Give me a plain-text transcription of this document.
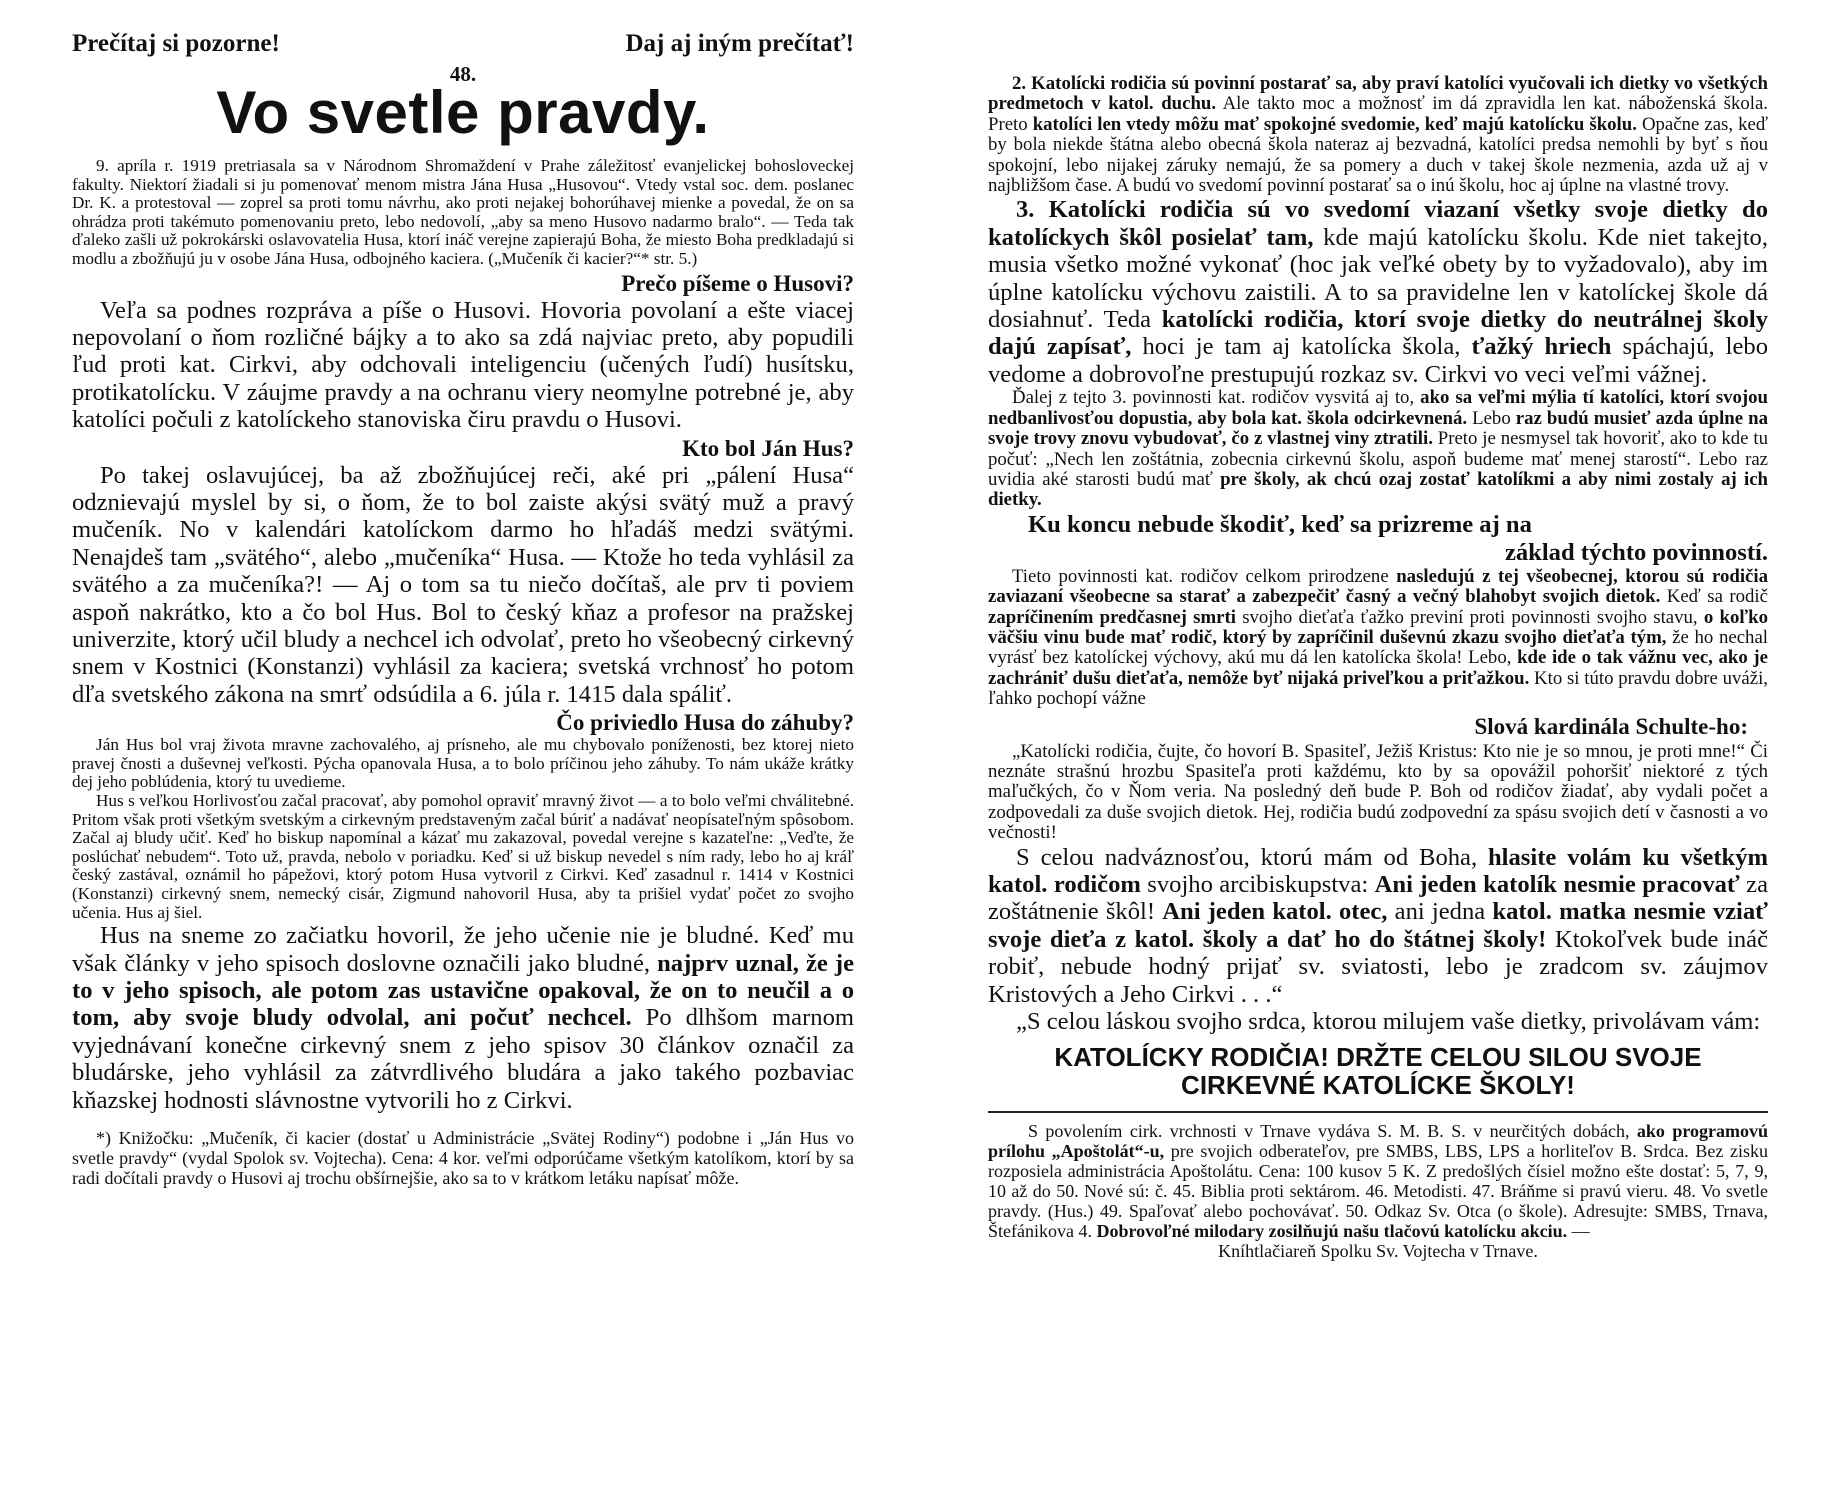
Prečítaj si pozorne!	Daj aj iným prečítať!
48.
Vo svetle pravdy.

9. apríla r. 1919 pretriasala sa v Národnom Shromaždení v Prahe záležitosť evanjelickej bohosloveckej fakulty. Niektorí žiadali si ju pomenovať menom mistra Jána Husa „Husovou“. Vtedy vstal soc. dem. poslanec Dr. K. a protestoval — zoprel sa proti tomu návrhu, ako proti nejakej bohorúhavej mienke a povedal, že on sa ohrádza proti takémuto pomenovaniu preto, lebo nedovolí, „aby sa meno Husovo nadarmo bralo“. — Teda tak ďaleko zašli už pokrokárski oslavovatelia Husa, ktorí ináč verejne zapierajú Boha, že miesto Boha predkladajú si modlu a zbožňujú ju v osobe Jána Husa, odbojného kaciera. („Mučeník či kacier?“* str. 5.)

Prečo píšeme o Husovi?

Veľa sa podnes rozpráva a píše o Husovi. Hovoria povolaní a ešte viacej nepovolaní o ňom rozličné bájky a to ako sa zdá najviac preto, aby popudili ľud proti kat. Cirkvi, aby odchovali inteligenciu (učených ľudí) husítsku, protikatolícku. V záujme pravdy a na ochranu viery neomylne potrebné je, aby katolíci počuli z katolíckeho stanoviska čiru pravdu o Husovi.

Kto bol Ján Hus?

Po takej oslavujúcej, ba až zbožňujúcej reči, aké pri „pálení Husa“ odznievajú myslel by si, o ňom, že to bol zaiste akýsi svätý muž a pravý mučeník. No v kalendári katolíckom darmo ho hľadáš medzi svätými. Nenajdeš tam „svätého“, alebo „mučeníka“ Husa. — Ktože ho teda vyhlásil za svätého a za mučeníka?! — Aj o tom sa tu niečo dočítaš, ale prv ti poviem aspoň nakrátko, kto a čo bol Hus. Bol to český kňaz a profesor na pražskej univerzite, ktorý učil bludy a nechcel ich odvolať, preto ho všeobecný cirkevný snem v Kostnici (Konstanzi) vyhlásil za kaciera; svetská vrchnosť ho potom dľa svetského zákona na smrť odsúdila a 6. júla r. 1415 dala spáliť.

Čo priviedlo Husa do záhuby?

Ján Hus bol vraj života mravne zachovalého, aj prísneho, ale mu chybovalo poníženosti, bez ktorej nieto pravej čnosti a duševnej veľkosti. Pýcha opanovala Husa, a to bolo príčinou jeho záhuby. To nám ukáže krátky dej jeho poblúdenia, ktorý tu uvedieme.

Hus s veľkou Horlivosťou začal pracovať, aby pomohol opraviť mravný život — a to bolo veľmi chválitebné. Pritom však proti všetkým svetským a cirkevným predstaveným začal búriť a nadávať neopísateľným spôsobom. Začal aj bludy učiť. Keď ho biskup napomínal a kázať mu zakazoval, povedal verejne s kazateľne: „Veďte, že poslúchať nebudem“. Toto už, pravda, nebolo v poriadku. Keď si už biskup nevedel s ním rady, lebo ho aj kráľ český zastával, oznámil ho pápežovi, ktorý potom Husa vytvoril z Cirkvi. Keď zasadnul r. 1414 v Kostnici (Konstanzi) cirkevný snem, nemecký cisár, Zigmund nahovoril Husa, aby ta prišiel vydať počet zo svojho učenia. Hus aj šiel.

Hus na sneme zo začiatku hovoril, že jeho učenie nie je bludné. Keď mu však články v jeho spisoch doslovne označili jako bludné, najprv uznal, že je to v jeho spisoch, ale potom zas ustavične opakoval, že on to neučil a o tom, aby svoje bludy odvolal, ani počuť nechcel. Po dlhšom marnom vyjednávaní konečne cirkevný snem z jeho spisov 30 článkov označil za bludárske, jeho vyhlásil za zátvrdlivého bludára a jako takého pozbaviac kňazskej hodnosti slávnostne vytvorili ho z Cirkvi.

*) Knižočku: „Mučeník, či kacier (dostať u Administrácie „Svätej Rodiny“) podobne i „Ján Hus vo svetle pravdy“ (vydal Spolok sv. Vojtecha). Cena: 4 kor. veľmi odporúčame všetkým katolíkom, ktorí by sa radi dočítali pravdy o Husovi aj trochu obšírnejšie, ako sa to v krátkom letáku napísať môže.

2. Katolícki rodičia sú povinní postarať sa, aby praví katolíci vyučovali ich dietky vo všetkých predmetoch v katol. duchu. Ale takto moc a možnosť im dá zpravidla len kat. náboženská škola. Preto katolíci len vtedy môžu mať spokojné svedomie, keď majú katolícku školu. Opačne zas, keď by bola niekde štátna alebo obecná škola nateraz aj bezvadná, katolíci predsa nemohli by byť s ňou spokojní, lebo nijakej záruky nemajú, že sa pomery a duch v takej škole nezmenia, azda už aj v najbližšom čase. A budú vo svedomí povinní postarať sa o inú školu, hoc aj úplne na vlastné trovy.

3. Katolícki rodičia sú vo svedomí viazaní všetky svoje dietky do katolíckych škôl posielať tam, kde majú katolícku školu. Kde niet takejto, musia všetko možné vykonať (hoc jak veľké obety by to vyžadovalo), aby im úplne katolícku výchovu zaistili. A to sa pravidelne len v katolíckej škole dá dosiahnuť. Teda katolícki rodičia, ktorí svoje dietky do neutrálnej školy dajú zapísať, hoci je tam aj katolícka škola, ťažký hriech spáchajú, lebo vedome a dobrovoľne prestupujú rozkaz sv. Cirkvi vo veci veľmi vážnej.

Ďalej z tejto 3. povinnosti kat. rodičov vysvitá aj to, ako sa veľmi mýlia tí katolíci, ktorí svojou nedbanlivosťou dopustia, aby bola kat. škola odcirkevnená. Lebo raz budú musieť azda úplne na svoje trovy znovu vybudovať, čo z vlastnej viny ztratili. Preto je nesmysel tak hovoriť, ako to kde tu počuť: „Nech len zoštátnia, zobecnia cirkevnú školu, aspoň budeme mať menej starostí“. Lebo raz uvidia aké starosti budú mať pre školy, ak chcú ozaj zostať katolíkmi a aby nimi zostaly aj ich dietky.

Ku koncu nebude škodiť, keď sa prizreme aj na
základ týchto povinností.

Tieto povinnosti kat. rodičov celkom prirodzene nasledujú z tej všeobecnej, ktorou sú rodičia zaviazaní všeobecne sa starať a zabezpečiť časný a večný blahobyt svojich dietok. Keď sa rodič zapríčinením predčasnej smrti svojho dieťaťa ťažko previní proti povinnosti svojho stavu, o koľko väčšiu vinu bude mať rodič, ktorý by zapríčinil duševnú zkazu svojho dieťaťa tým, že ho nechal vyrásť bez katolíckej výchovy, akú mu dá len katolícka škola! Lebo, kde ide o tak vážnu vec, ako je zachrániť dušu dieťaťa, nemôže byť nijaká priveľkou a priťažkou. Kto si túto pravdu dobre uváži, ľahko pochopí vážne

Slová kardinála Schulte-ho:

„Katolícki rodičia, čujte, čo hovorí B. Spasiteľ, Ježiš Kristus: Kto nie je so mnou, je proti mne!“ Či neznáte strašnú hrozbu Spasiteľa proti každému, kto by sa opovážil pohoršiť niektoré z tých maľučkých, čo v Ňom veria. Na posledný deň bude P. Boh od rodičov žiadať, aby vydali počet a zodpovedali za duše svojich dietok. Hej, rodičia budú zodpovední za spásu svojich detí v časnosti a vo večnosti!

S celou nadváznosťou, ktorú mám od Boha, hlasite volám ku všetkým katol. rodičom svojho arcibiskupstva: Ani jeden katolík nesmie pracovať za zoštátnenie škôl! Ani jeden katol. otec, ani jedna katol. matka nesmie vziať svoje dieťa z katol. školy a dať ho do štátnej školy! Ktokoľvek bude ináč robiť, nebude hodný prijať sv. sviatosti, lebo je zradcom sv. záujmov Kristových a Jeho Cirkvi . . .“

„S celou láskou svojho srdca, ktorou milujem vaše dietky, privolávam vám:

KATOLÍCKY RODIČIA! DRŽTE CELOU SILOU SVOJE
CIRKEVNÉ KATOLÍCKE ŠKOLY!

S povolením cirk. vrchnosti v Trnave vydáva S. M. B. S. v neurčitých dobách, ako programovú prílohu „Apoštolát“-u, pre svojich odberateľov, pre SMBS, LBS, LPS a horliteľov B. Srdca. Bez zisku rozposiela administrácia Apoštolátu. Cena: 100 kusov 5 K. Z predošlých čísiel možno ešte dostať: 5, 7, 9, 10 až do 50. Nové sú: č. 45. Biblia proti sektárom. 46. Metodisti. 47. Bráňme si pravú vieru. 48. Vo svetle pravdy. (Hus.) 49. Spaľovať alebo pochovávať. 50. Odkaz Sv. Otca (o škole). Adresujte: SMBS, Trnava, Štefánikova 4. Dobrovoľné milodary zosilňujú našu tlačovú katolícku akciu. —

Kníhtlačiareň Spolku Sv. Vojtecha v Trnave.
